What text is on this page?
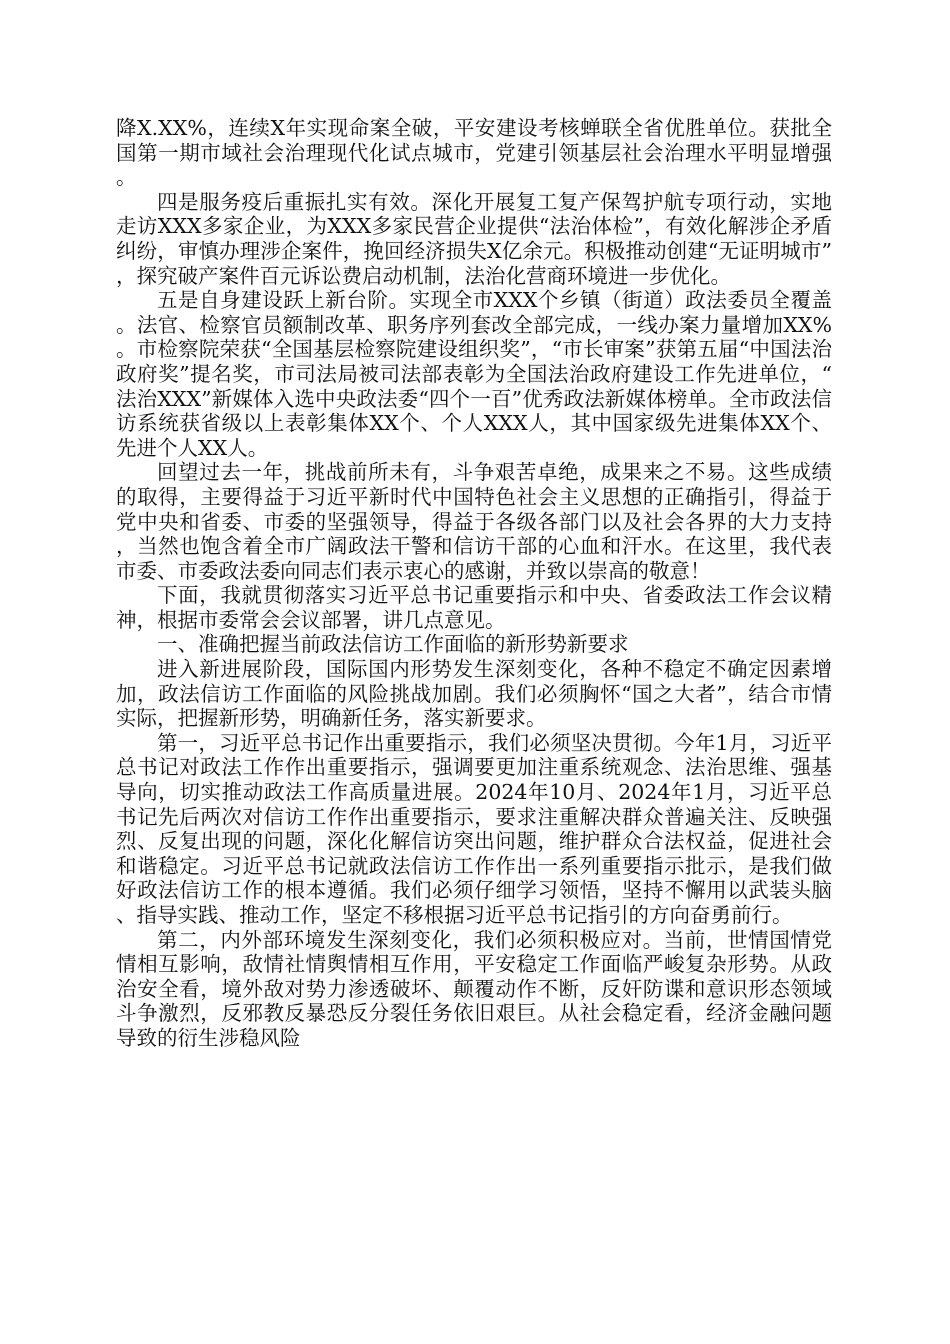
降X.XX%，连续X年实现命案全破，平安建设考核蝉联全省优胜单位。获批全国第一期市域社会治理现代化试点城市，党建引领基层社会治理水平明显增强。

四是服务疫后重振扎实有效。深化开展复工复产保驾护航专项行动，实地走访XXX多家企业，为XXX多家民营企业提供“法治体检”，有效化解涉企矛盾纠纷，审慎办理涉企案件，挽回经济损失X亿余元。积极推动创建“无证明城市”，探究破产案件百元诉讼费启动机制，法治化营商环境进一步优化。

五是自身建设跃上新台阶。实现全市XXX个乡镇（街道）政法委员全覆盖。法官、检察官员额制改革、职务序列套改全部完成，一线办案力量增加XX%。市检察院荣获“全国基层检察院建设组织奖”，“市长审案”获第五届“中国法治政府奖”提名奖，市司法局被司法部表彰为全国法治政府建设工作先进单位，“法治XXX”新媒体入选中央政法委“四个一百”优秀政法新媒体榜单。全市政法信访系统获省级以上表彰集体XX个、个人XXX人，其中国家级先进集体XX个、先进个人XX人。

回望过去一年，挑战前所未有，斗争艰苦卓绝，成果来之不易。这些成绩的取得，主要得益于习近平新时代中国特色社会主义思想的正确指引，得益于党中央和省委、市委的坚强领导，得益于各级各部门以及社会各界的大力支持，当然也饱含着全市广阔政法干警和信访干部的心血和汗水。在这里，我代表市委、市委政法委向同志们表示衷心的感谢，并致以崇高的敬意！

下面，我就贯彻落实习近平总书记重要指示和中央、省委政法工作会议精神，根据市委常会会议部署，讲几点意见。

一、准确把握当前政法信访工作面临的新形势新要求

进入新进展阶段，国际国内形势发生深刻变化，各种不稳定不确定因素增加，政法信访工作面临的风险挑战加剧。我们必须胸怀“国之大者”，结合市情实际，把握新形势，明确新任务，落实新要求。

第一，习近平总书记作出重要指示，我们必须坚决贯彻。今年1月，习近平总书记对政法工作作出重要指示，强调要更加注重系统观念、法治思维、强基导向，切实推动政法工作高质量进展。2024年10月、2024年1月，习近平总书记先后两次对信访工作作出重要指示，要求注重解决群众普遍关注、反映强烈、反复出现的问题，深化化解信访突出问题，维护群众合法权益，促进社会和谐稳定。习近平总书记就政法信访工作作出一系列重要指示批示，是我们做好政法信访工作的根本遵循。我们必须仔细学习领悟，坚持不懈用以武装头脑、指导实践、推动工作，坚定不移根据习近平总书记指引的方向奋勇前行。

第二，内外部环境发生深刻变化，我们必须积极应对。当前，世情国情党情相互影响，敌情社情舆情相互作用，平安稳定工作面临严峻复杂形势。从政治安全看，境外敌对势力渗透破坏、颠覆动作不断，反奸防谍和意识形态领域斗争激烈，反邪教反暴恐反分裂任务依旧艰巨。从社会稳定看，经济金融问题导致的衍生涉稳风险
